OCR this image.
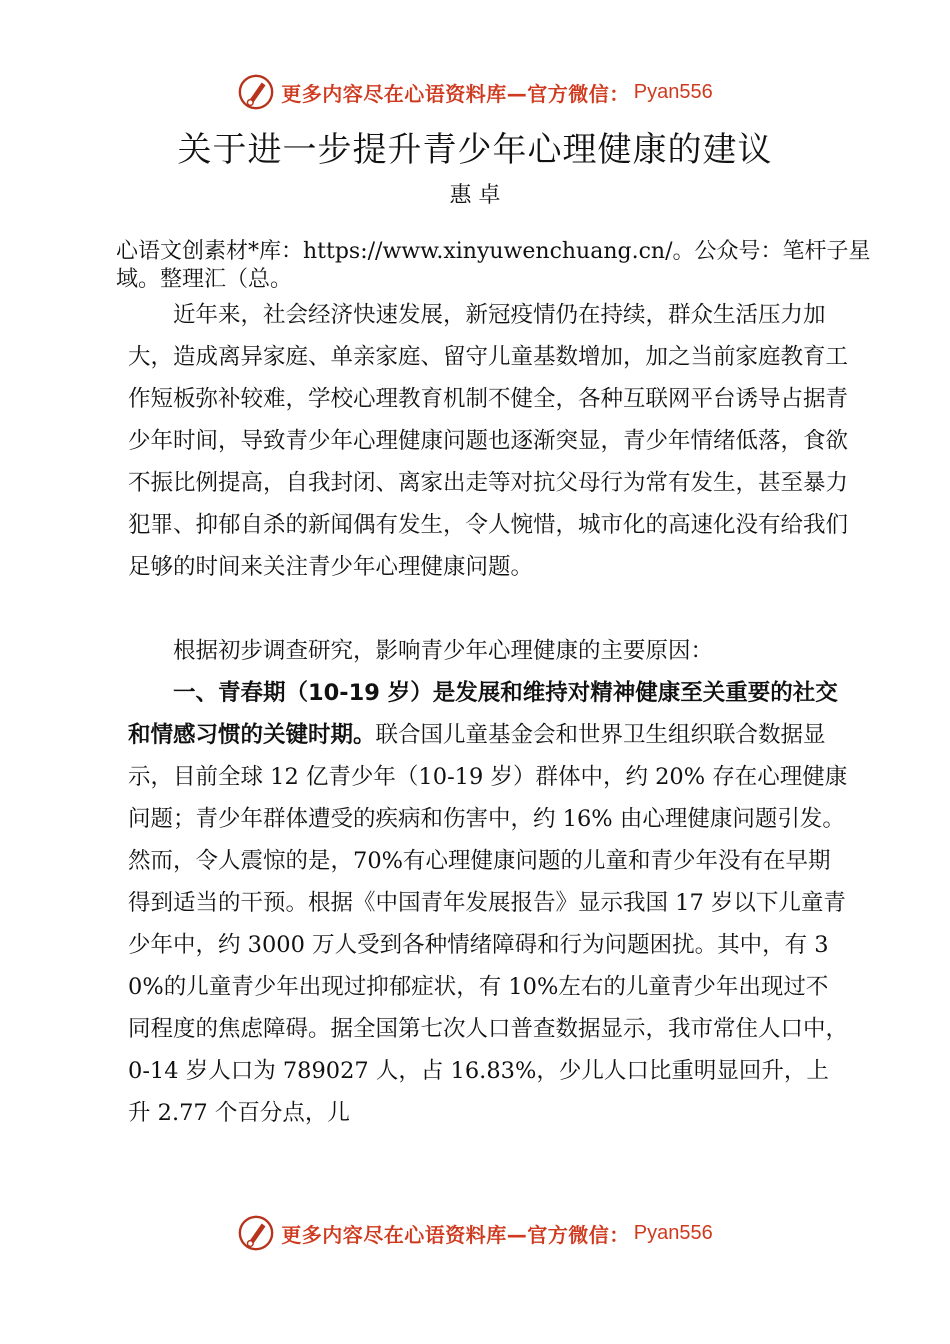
更多内容尽在心语资料库—官方微信： Pyan556
关于进一步提升青少年心理健康的建议
惠 卓
心语文创素材*库：https://www.xinyuwenchuang.cn/。公众号：笔杆子星域。整理汇（总。

近年来，社会经济快速发展，新冠疫情仍在持续，群众生活压力加大，造成离异家庭、单亲家庭、留守儿童基数增加，加之当前家庭教育工作短板弥补较难，学校心理教育机制不健全，各种互联网平台诱导占据青少年时间，导致青少年心理健康问题也逐渐突显，青少年情绪低落，食欲不振比例提高，自我封闭、离家出走等对抗父母行为常有发生，甚至暴力犯罪、抑郁自杀的新闻偶有发生，令人惋惜，城市化的高速化没有给我们足够的时间来关注青少年心理健康问题。

根据初步调查研究，影响青少年心理健康的主要原因：

一、青春期（10-19 岁）是发展和维持对精神健康至关重要的社交和情感习惯的关键时期。联合国儿童基金会和世界卫生组织联合数据显示，目前全球 12 亿青少年（10-19 岁）群体中，约 20% 存在心理健康问题；青少年群体遭受的疾病和伤害中，约 16% 由心理健康问题引发。然而，令人震惊的是，70%有心理健康问题的儿童和青少年没有在早期得到适当的干预。根据《中国青年发展报告》显示我国 17 岁以下儿童青少年中，约 3000 万人受到各种情绪障碍和行为问题困扰。其中，有 30%的儿童青少年出现过抑郁症状，有 10%左右的儿童青少年出现过不同程度的焦虑障碍。据全国第七次人口普查数据显示，我市常住人口中，0-14 岁人口为 789027 人，占 16.83%，少儿人口比重明显回升，上升 2.77 个百分点，儿

更多内容尽在心语资料库—官方微信： Pyan556
